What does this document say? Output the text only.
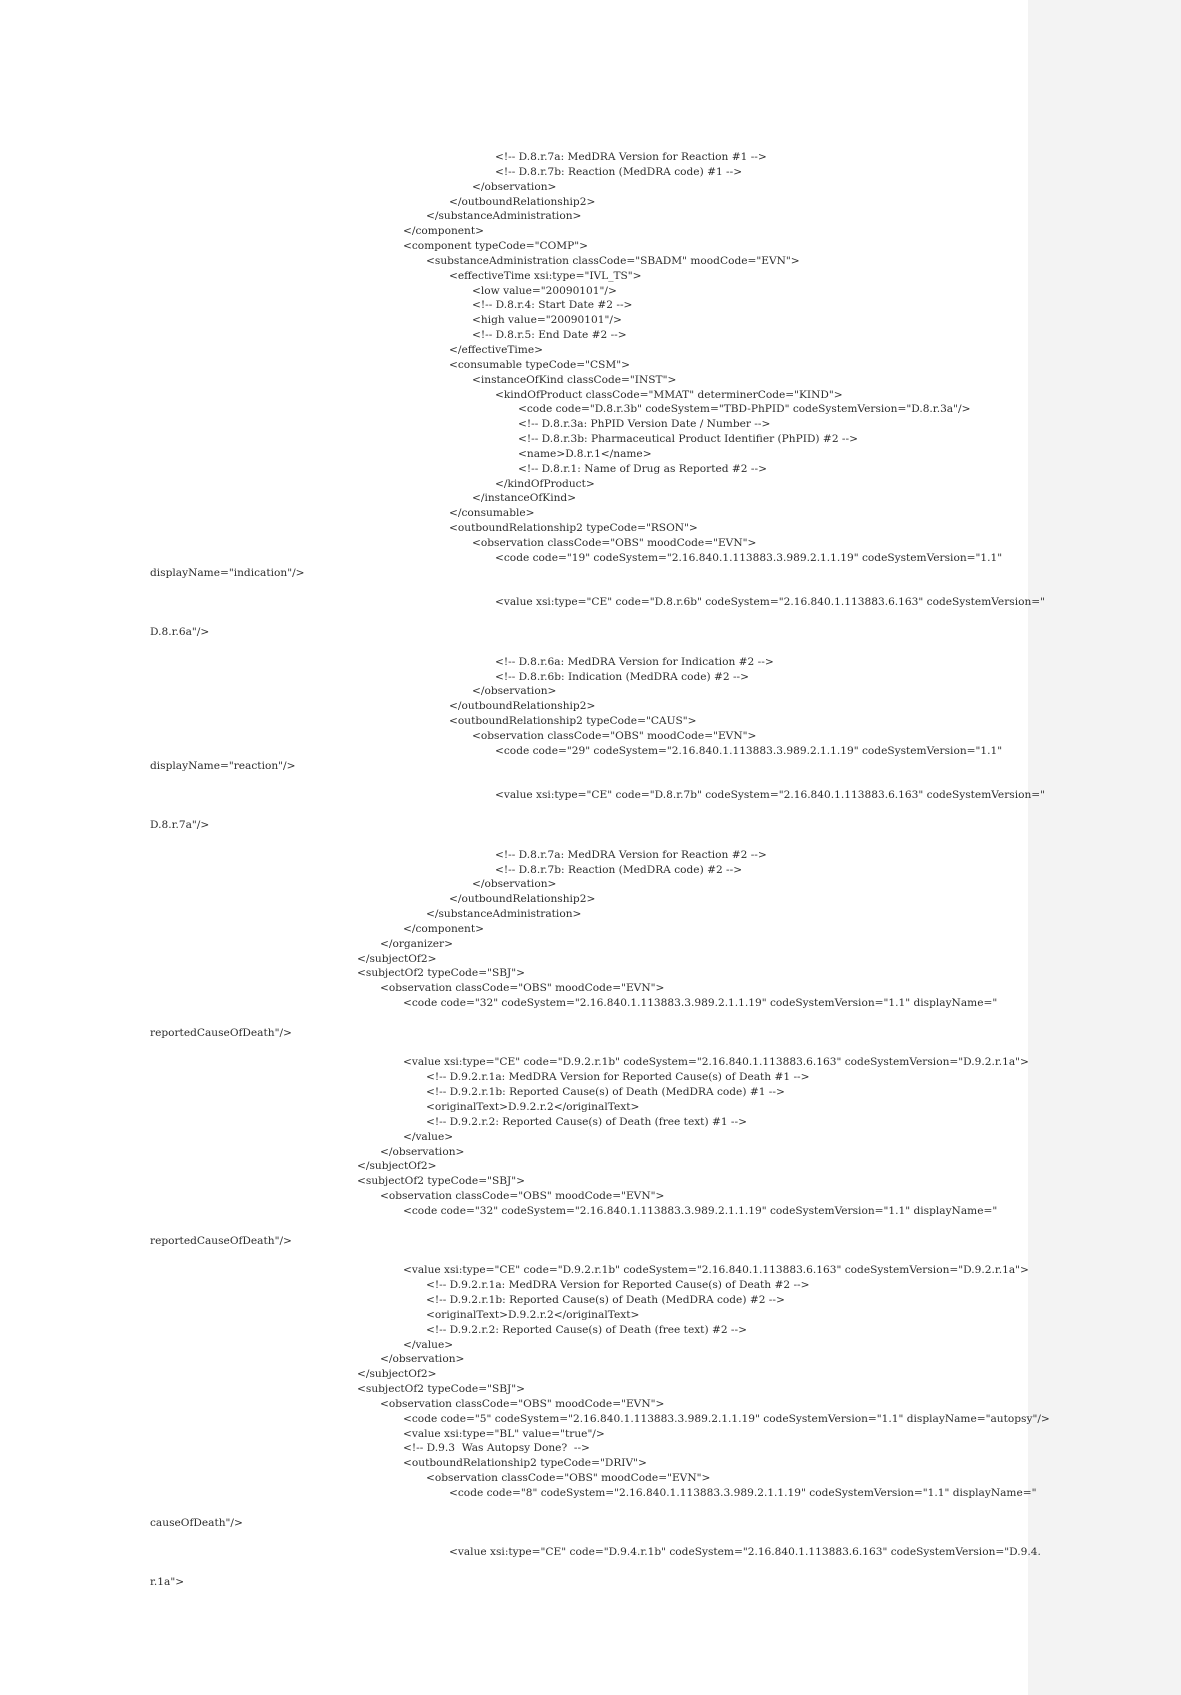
<!-- D.8.r.7a: MedDRA Version for Reaction #1 -->
<!-- D.8.r.7b: Reaction (MedDRA code) #1 -->
</observation>
</outboundRelationship2>
</substanceAdministration>
</component>
<component typeCode="COMP">
<substanceAdministration classCode="SBADM" moodCode="EVN">
<effectiveTime xsi:type="IVL_TS">
<low value="20090101"/>
<!-- D.8.r.4: Start Date #2 -->
<high value="20090101"/>
<!-- D.8.r.5: End Date #2 -->
</effectiveTime>
<consumable typeCode="CSM">
<instanceOfKind classCode="INST">
<kindOfProduct classCode="MMAT" determinerCode="KIND">
<code code="D.8.r.3b" codeSystem="TBD-PhPID" codeSystemVersion="D.8.r.3a"/>
<!-- D.8.r.3a: PhPID Version Date / Number -->
<!-- D.8.r.3b: Pharmaceutical Product Identifier (PhPID) #2 -->
<name>D.8.r.1</name>
<!-- D.8.r.1: Name of Drug as Reported #2 -->
</kindOfProduct>
</instanceOfKind>
</consumable>
<outboundRelationship2 typeCode="RSON">
<observation classCode="OBS" moodCode="EVN">
<code code="19" codeSystem="2.16.840.1.113883.3.989.2.1.1.19" codeSystemVersion="1.1"
displayName="indication"/>
<value xsi:type="CE" code="D.8.r.6b" codeSystem="2.16.840.1.113883.6.163" codeSystemVersion="
D.8.r.6a"/>
<!-- D.8.r.6a: MedDRA Version for Indication #2 -->
<!-- D.8.r.6b: Indication (MedDRA code) #2 -->
</observation>
</outboundRelationship2>
<outboundRelationship2 typeCode="CAUS">
<observation classCode="OBS" moodCode="EVN">
<code code="29" codeSystem="2.16.840.1.113883.3.989.2.1.1.19" codeSystemVersion="1.1"
displayName="reaction"/>
<value xsi:type="CE" code="D.8.r.7b" codeSystem="2.16.840.1.113883.6.163" codeSystemVersion="
D.8.r.7a"/>
<!-- D.8.r.7a: MedDRA Version for Reaction #2 -->
<!-- D.8.r.7b: Reaction (MedDRA code) #2 -->
</observation>
</outboundRelationship2>
</substanceAdministration>
</component>
</organizer>
</subjectOf2>
<subjectOf2 typeCode="SBJ">
<observation classCode="OBS" moodCode="EVN">
<code code="32" codeSystem="2.16.840.1.113883.3.989.2.1.1.19" codeSystemVersion="1.1" displayName="
reportedCauseOfDeath"/>
<value xsi:type="CE" code="D.9.2.r.1b" codeSystem="2.16.840.1.113883.6.163" codeSystemVersion="D.9.2.r.1a">
<!-- D.9.2.r.1a: MedDRA Version for Reported Cause(s) of Death #1 -->
<!-- D.9.2.r.1b: Reported Cause(s) of Death (MedDRA code) #1 -->
<originalText>D.9.2.r.2</originalText>
<!-- D.9.2.r.2: Reported Cause(s) of Death (free text) #1 -->
</value>
</observation>
</subjectOf2>
<subjectOf2 typeCode="SBJ">
<observation classCode="OBS" moodCode="EVN">
<code code="32" codeSystem="2.16.840.1.113883.3.989.2.1.1.19" codeSystemVersion="1.1" displayName="
reportedCauseOfDeath"/>
<value xsi:type="CE" code="D.9.2.r.1b" codeSystem="2.16.840.1.113883.6.163" codeSystemVersion="D.9.2.r.1a">
<!-- D.9.2.r.1a: MedDRA Version for Reported Cause(s) of Death #2 -->
<!-- D.9.2.r.1b: Reported Cause(s) of Death (MedDRA code) #2 -->
<originalText>D.9.2.r.2</originalText>
<!-- D.9.2.r.2: Reported Cause(s) of Death (free text) #2 -->
</value>
</observation>
</subjectOf2>
<subjectOf2 typeCode="SBJ">
<observation classCode="OBS" moodCode="EVN">
<code code="5" codeSystem="2.16.840.1.113883.3.989.2.1.1.19" codeSystemVersion="1.1" displayName="autopsy"/>
<value xsi:type="BL" value="true"/>
<!-- D.9.3  Was Autopsy Done?  -->
<outboundRelationship2 typeCode="DRIV">
<observation classCode="OBS" moodCode="EVN">
<code code="8" codeSystem="2.16.840.1.113883.3.989.2.1.1.19" codeSystemVersion="1.1" displayName="
causeOfDeath"/>
<value xsi:type="CE" code="D.9.4.r.1b" codeSystem="2.16.840.1.113883.6.163" codeSystemVersion="D.9.4.
r.1a">
